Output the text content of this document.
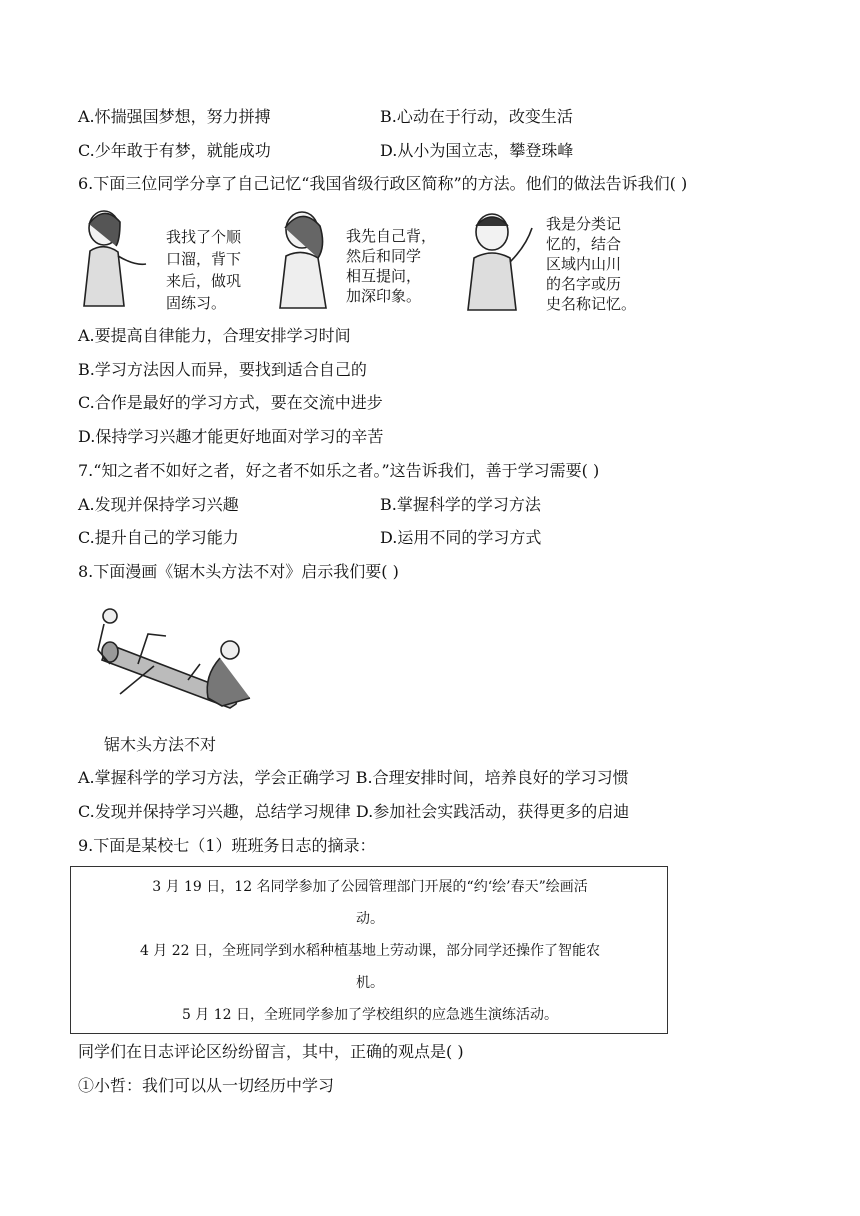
A.怀揣强国梦想，努力拼搏	B.心动在于行动，改变生活
C.少年敢于有梦，就能成功	D.从小为国立志，攀登珠峰
6.下面三位同学分享了自己记忆“我国省级行政区简称”的方法。他们的做法告诉我们( )
我找了个顺
口溜，背下
来后，做巩
固练习。
我先自己背，
然后和同学
相互提问，
加深印象。
我是分类记
忆的，结合
区域内山川
的名字或历
史名称记忆。
A.要提高自律能力，合理安排学习时间
B.学习方法因人而异，要找到适合自己的
C.合作是最好的学习方式，要在交流中进步
D.保持学习兴趣才能更好地面对学习的辛苦
7.“知之者不如好之者，好之者不如乐之者。”这告诉我们，善于学习需要( )
A.发现并保持学习兴趣	B.掌握科学的学习方法
C.提升自己的学习能力	D.运用不同的学习方式
8.下面漫画《锯木头方法不对》启示我们要( )
锯木头方法不对
A.掌握科学的学习方法，学会正确学习 B.合理安排时间，培养良好的学习习惯
C.发现并保持学习兴趣，总结学习规律 D.参加社会实践活动，获得更多的启迪
9.下面是某校七（1）班班务日志的摘录：
3 月 19 日，12 名同学参加了公园管理部门开展的“约‘绘’春天”绘画活
动。
4 月 22 日，全班同学到水稻种植基地上劳动课，部分同学还操作了智能农
机。
5 月 12 日，全班同学参加了学校组织的应急逃生演练活动。
同学们在日志评论区纷纷留言，其中，正确的观点是( )
①小哲：我们可以从一切经历中学习
